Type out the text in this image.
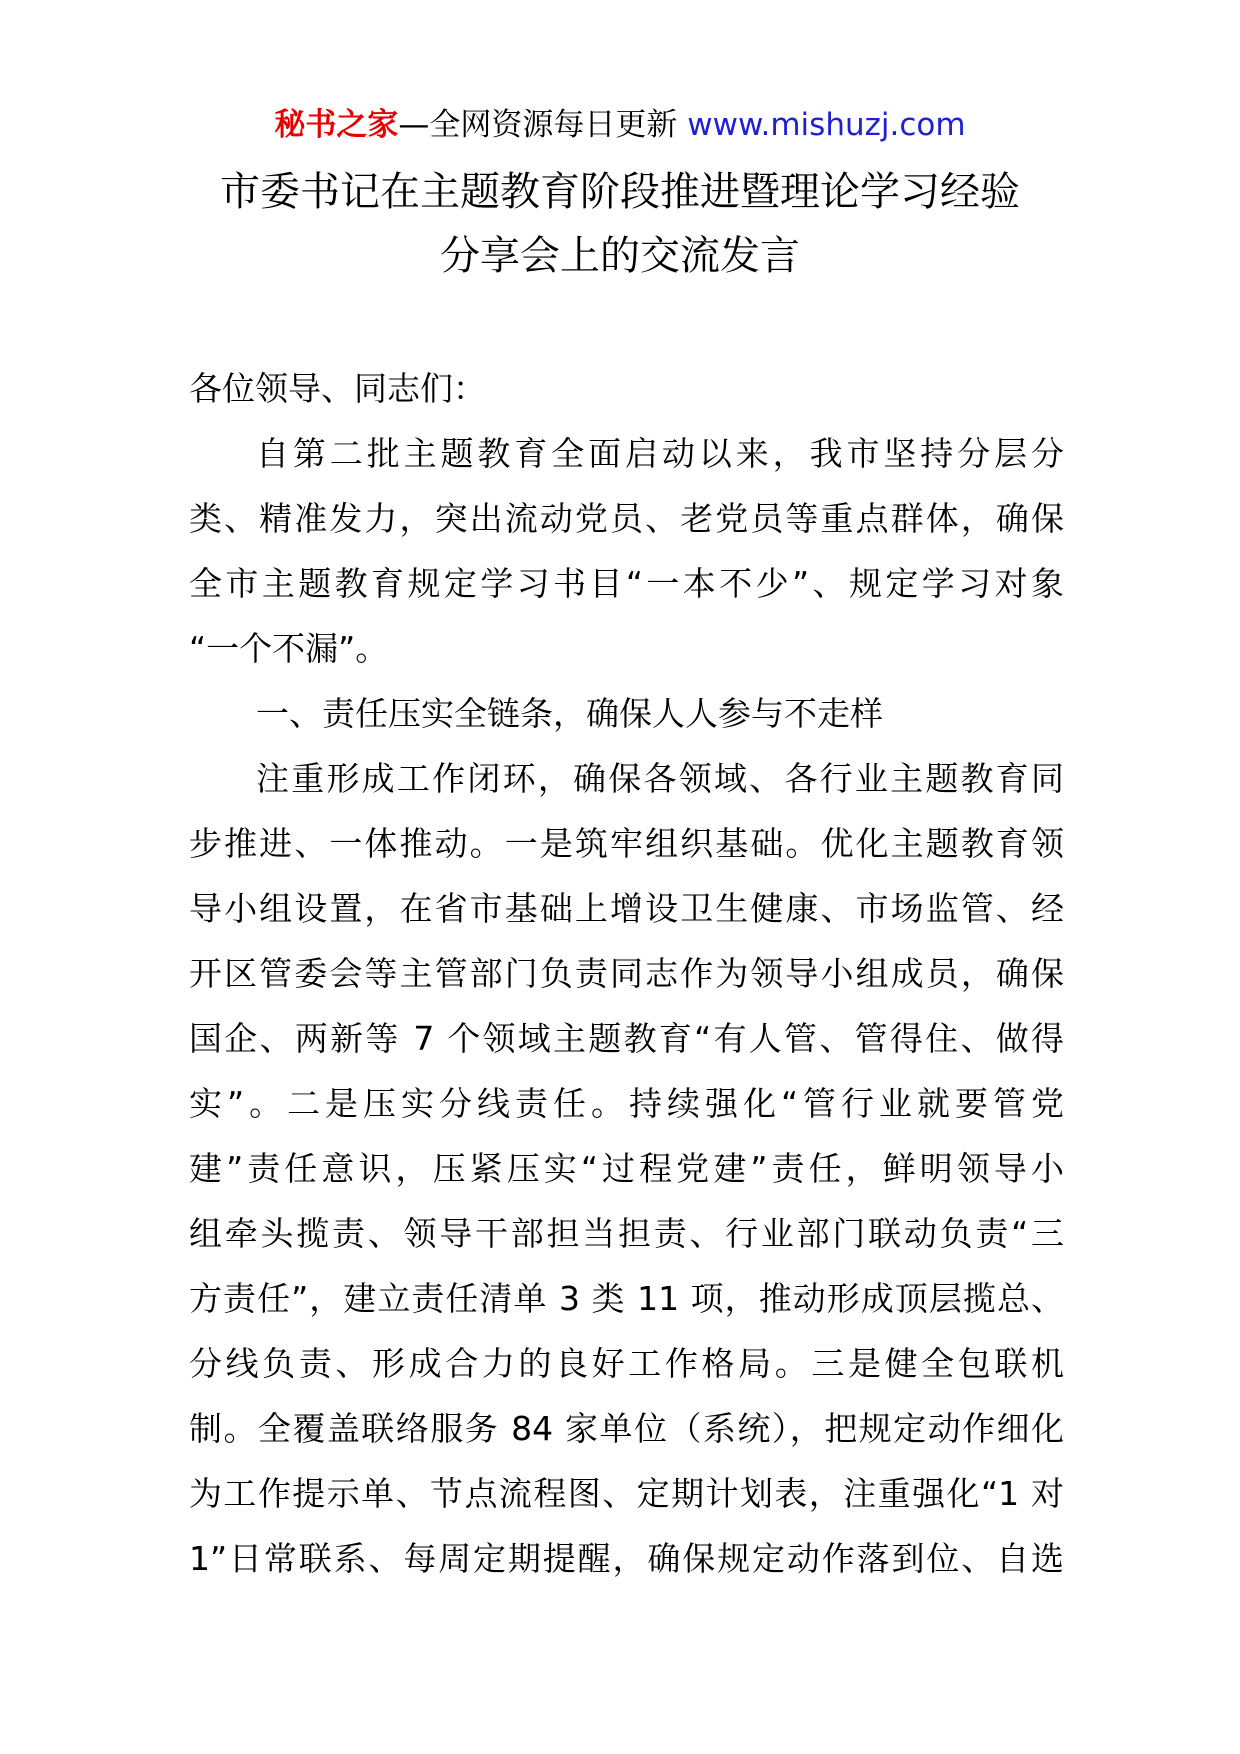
秘书之家—全网资源每日更新 www.mishuzj.com
市委书记在主题教育阶段推进暨理论学习经验
分享会上的交流发言
各位领导、同志们：
自第二批主题教育全面启动以来，我市坚持分层分
类、精准发力，突出流动党员、老党员等重点群体，确保
全市主题教育规定学习书目“一本不少”、规定学习对象
“一个不漏”。
一、责任压实全链条，确保人人参与不走样
注重形成工作闭环，确保各领域、各行业主题教育同
步推进、一体推动。一是筑牢组织基础。优化主题教育领
导小组设置，在省市基础上增设卫生健康、市场监管、经
开区管委会等主管部门负责同志作为领导小组成员，确保
国企、两新等 7 个领域主题教育“有人管、管得住、做得
实”。二是压实分线责任。持续强化“管行业就要管党
建”责任意识，压紧压实“过程党建”责任，鲜明领导小
组牵头揽责、领导干部担当担责、行业部门联动负责“三
方责任”，建立责任清单 3 类 11 项，推动形成顶层揽总、
分线负责、形成合力的良好工作格局。三是健全包联机
制。全覆盖联络服务 84 家单位（系统），把规定动作细化
为工作提示单、节点流程图、定期计划表，注重强化“1 对
1”日常联系、每周定期提醒，确保规定动作落到位、自选
